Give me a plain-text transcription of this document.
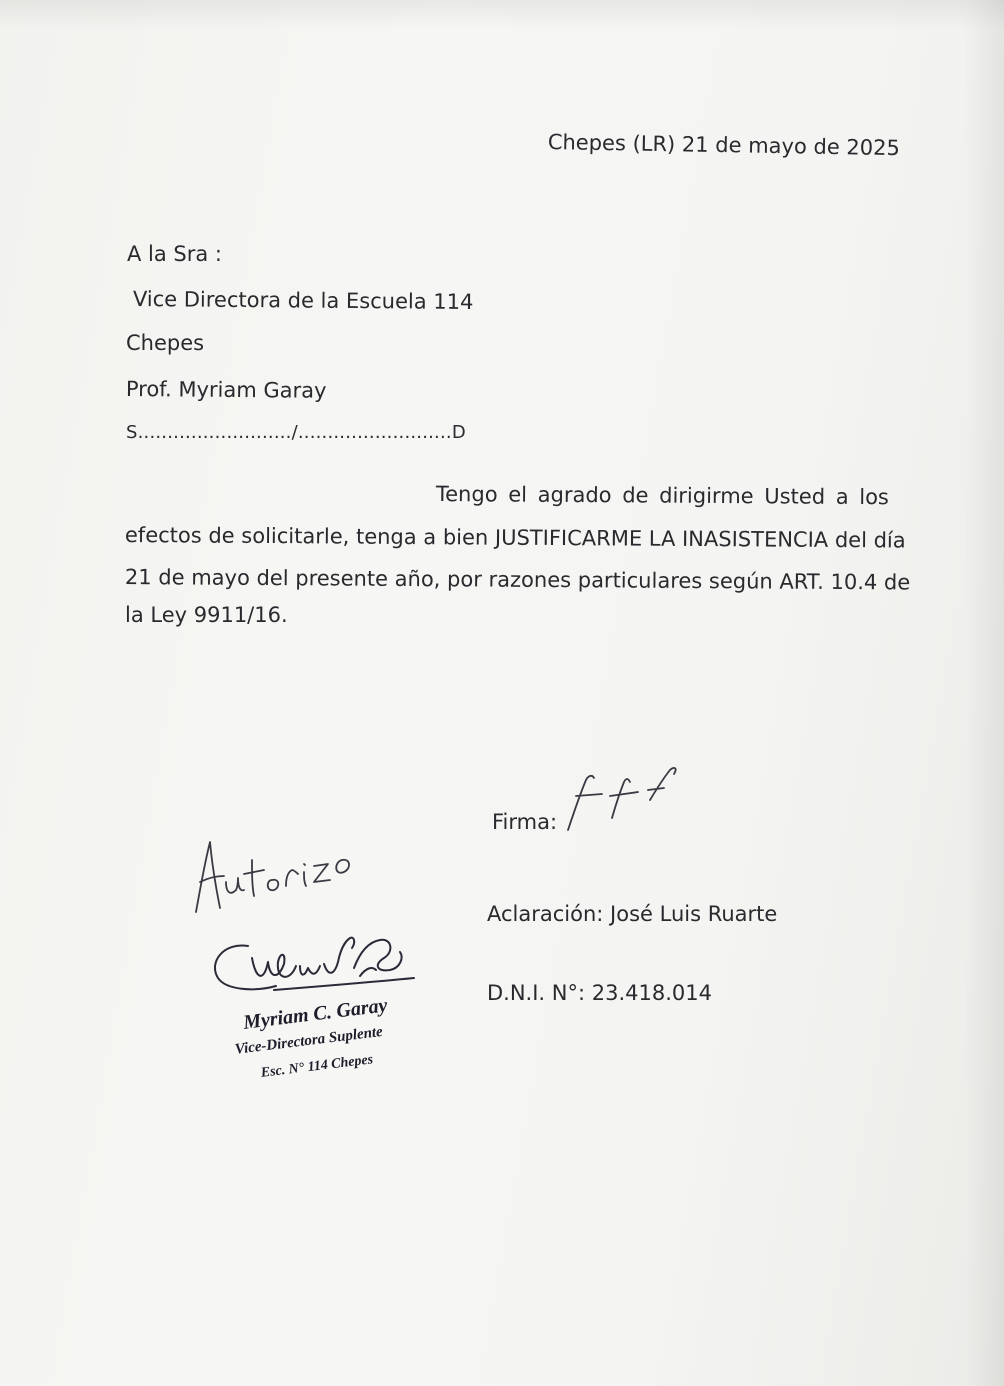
Chepes (LR) 21 de mayo de 2025
A la Sra :
Vice Directora de la Escuela 114
Chepes
Prof. Myriam Garay
S........................../..........................D
Tengo el agrado de dirigirme Usted a los
efectos de solicitarle, tenga a bien JUSTIFICARME LA INASISTENCIA del día
21 de mayo del presente año, por razones particulares según ART. 10.4 de
la Ley 9911/16.
Firma:
Aclaración: José Luis Ruarte
D.N.I. N°: 23.418.014
Myriam C. Garay
Vice-Directora Suplente
Esc. N° 114 Chepes
